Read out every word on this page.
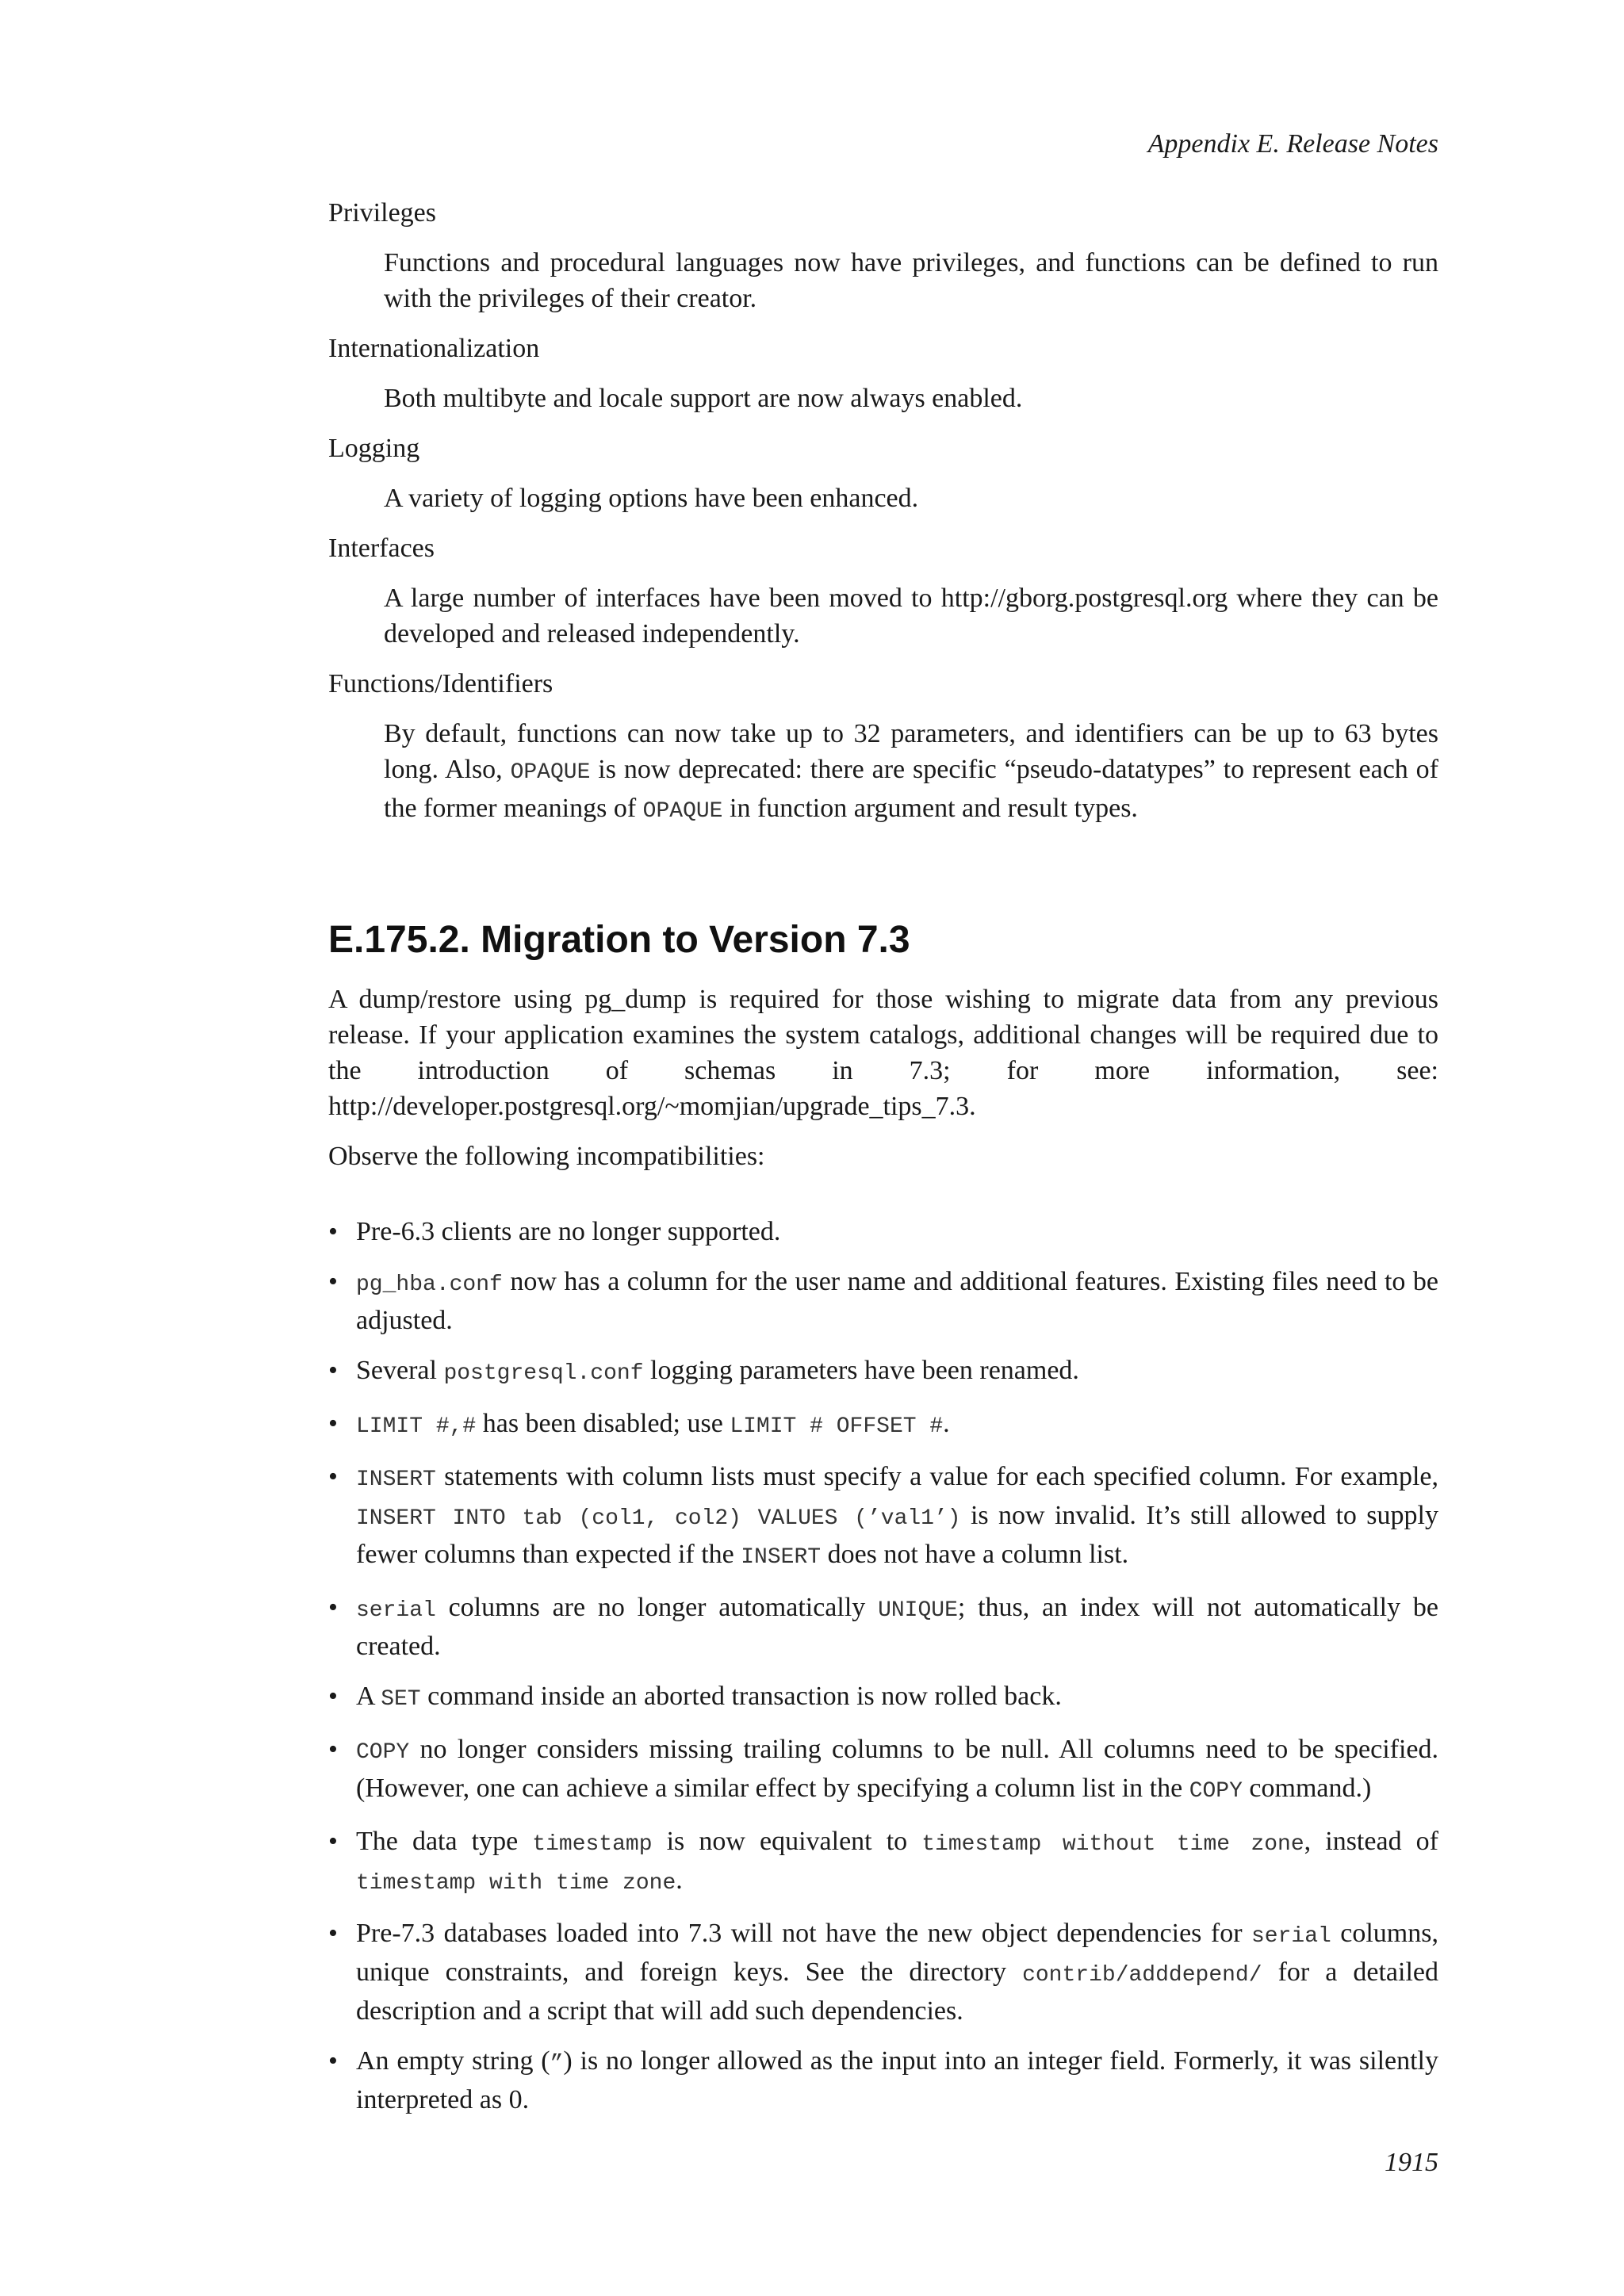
Appendix E. Release Notes
Privileges
Functions and procedural languages now have privileges, and functions can be defined to run with the privileges of their creator.
Internationalization
Both multibyte and locale support are now always enabled.
Logging
A variety of logging options have been enhanced.
Interfaces
A large number of interfaces have been moved to http://gborg.postgresql.org where they can be developed and released independently.
Functions/Identifiers
By default, functions can now take up to 32 parameters, and identifiers can be up to 63 bytes long. Also, OPAQUE is now deprecated: there are specific “pseudo-datatypes” to represent each of the former meanings of OPAQUE in function argument and result types.
E.175.2. Migration to Version 7.3

A dump/restore using pg_dump is required for those wishing to migrate data from any previous release. If your application examines the system catalogs, additional changes will be required due to the introduction of schemas in 7.3; for more information, see: http://developer.postgresql.org/~momjian/upgrade_tips_7.3.

Observe the following incompatibilities:

• Pre-6.3 clients are no longer supported.
• pg_hba.conf now has a column for the user name and additional features. Existing files need to be adjusted.
• Several postgresql.conf logging parameters have been renamed.
• LIMIT #,# has been disabled; use LIMIT # OFFSET #.
• INSERT statements with column lists must specify a value for each specified column. For example, INSERT INTO tab (col1, col2) VALUES (’val1’) is now invalid. It’s still allowed to supply fewer columns than expected if the INSERT does not have a column list.
• serial columns are no longer automatically UNIQUE; thus, an index will not automatically be created.
• A SET command inside an aborted transaction is now rolled back.
• COPY no longer considers missing trailing columns to be null. All columns need to be specified. (However, one can achieve a similar effect by specifying a column list in the COPY command.)
• The data type timestamp is now equivalent to timestamp without time zone, instead of timestamp with time zone.
• Pre-7.3 databases loaded into 7.3 will not have the new object dependencies for serial columns, unique constraints, and foreign keys. See the directory contrib/adddepend/ for a detailed description and a script that will add such dependencies.
• An empty string (”) is no longer allowed as the input into an integer field. Formerly, it was silently interpreted as 0.
1915
